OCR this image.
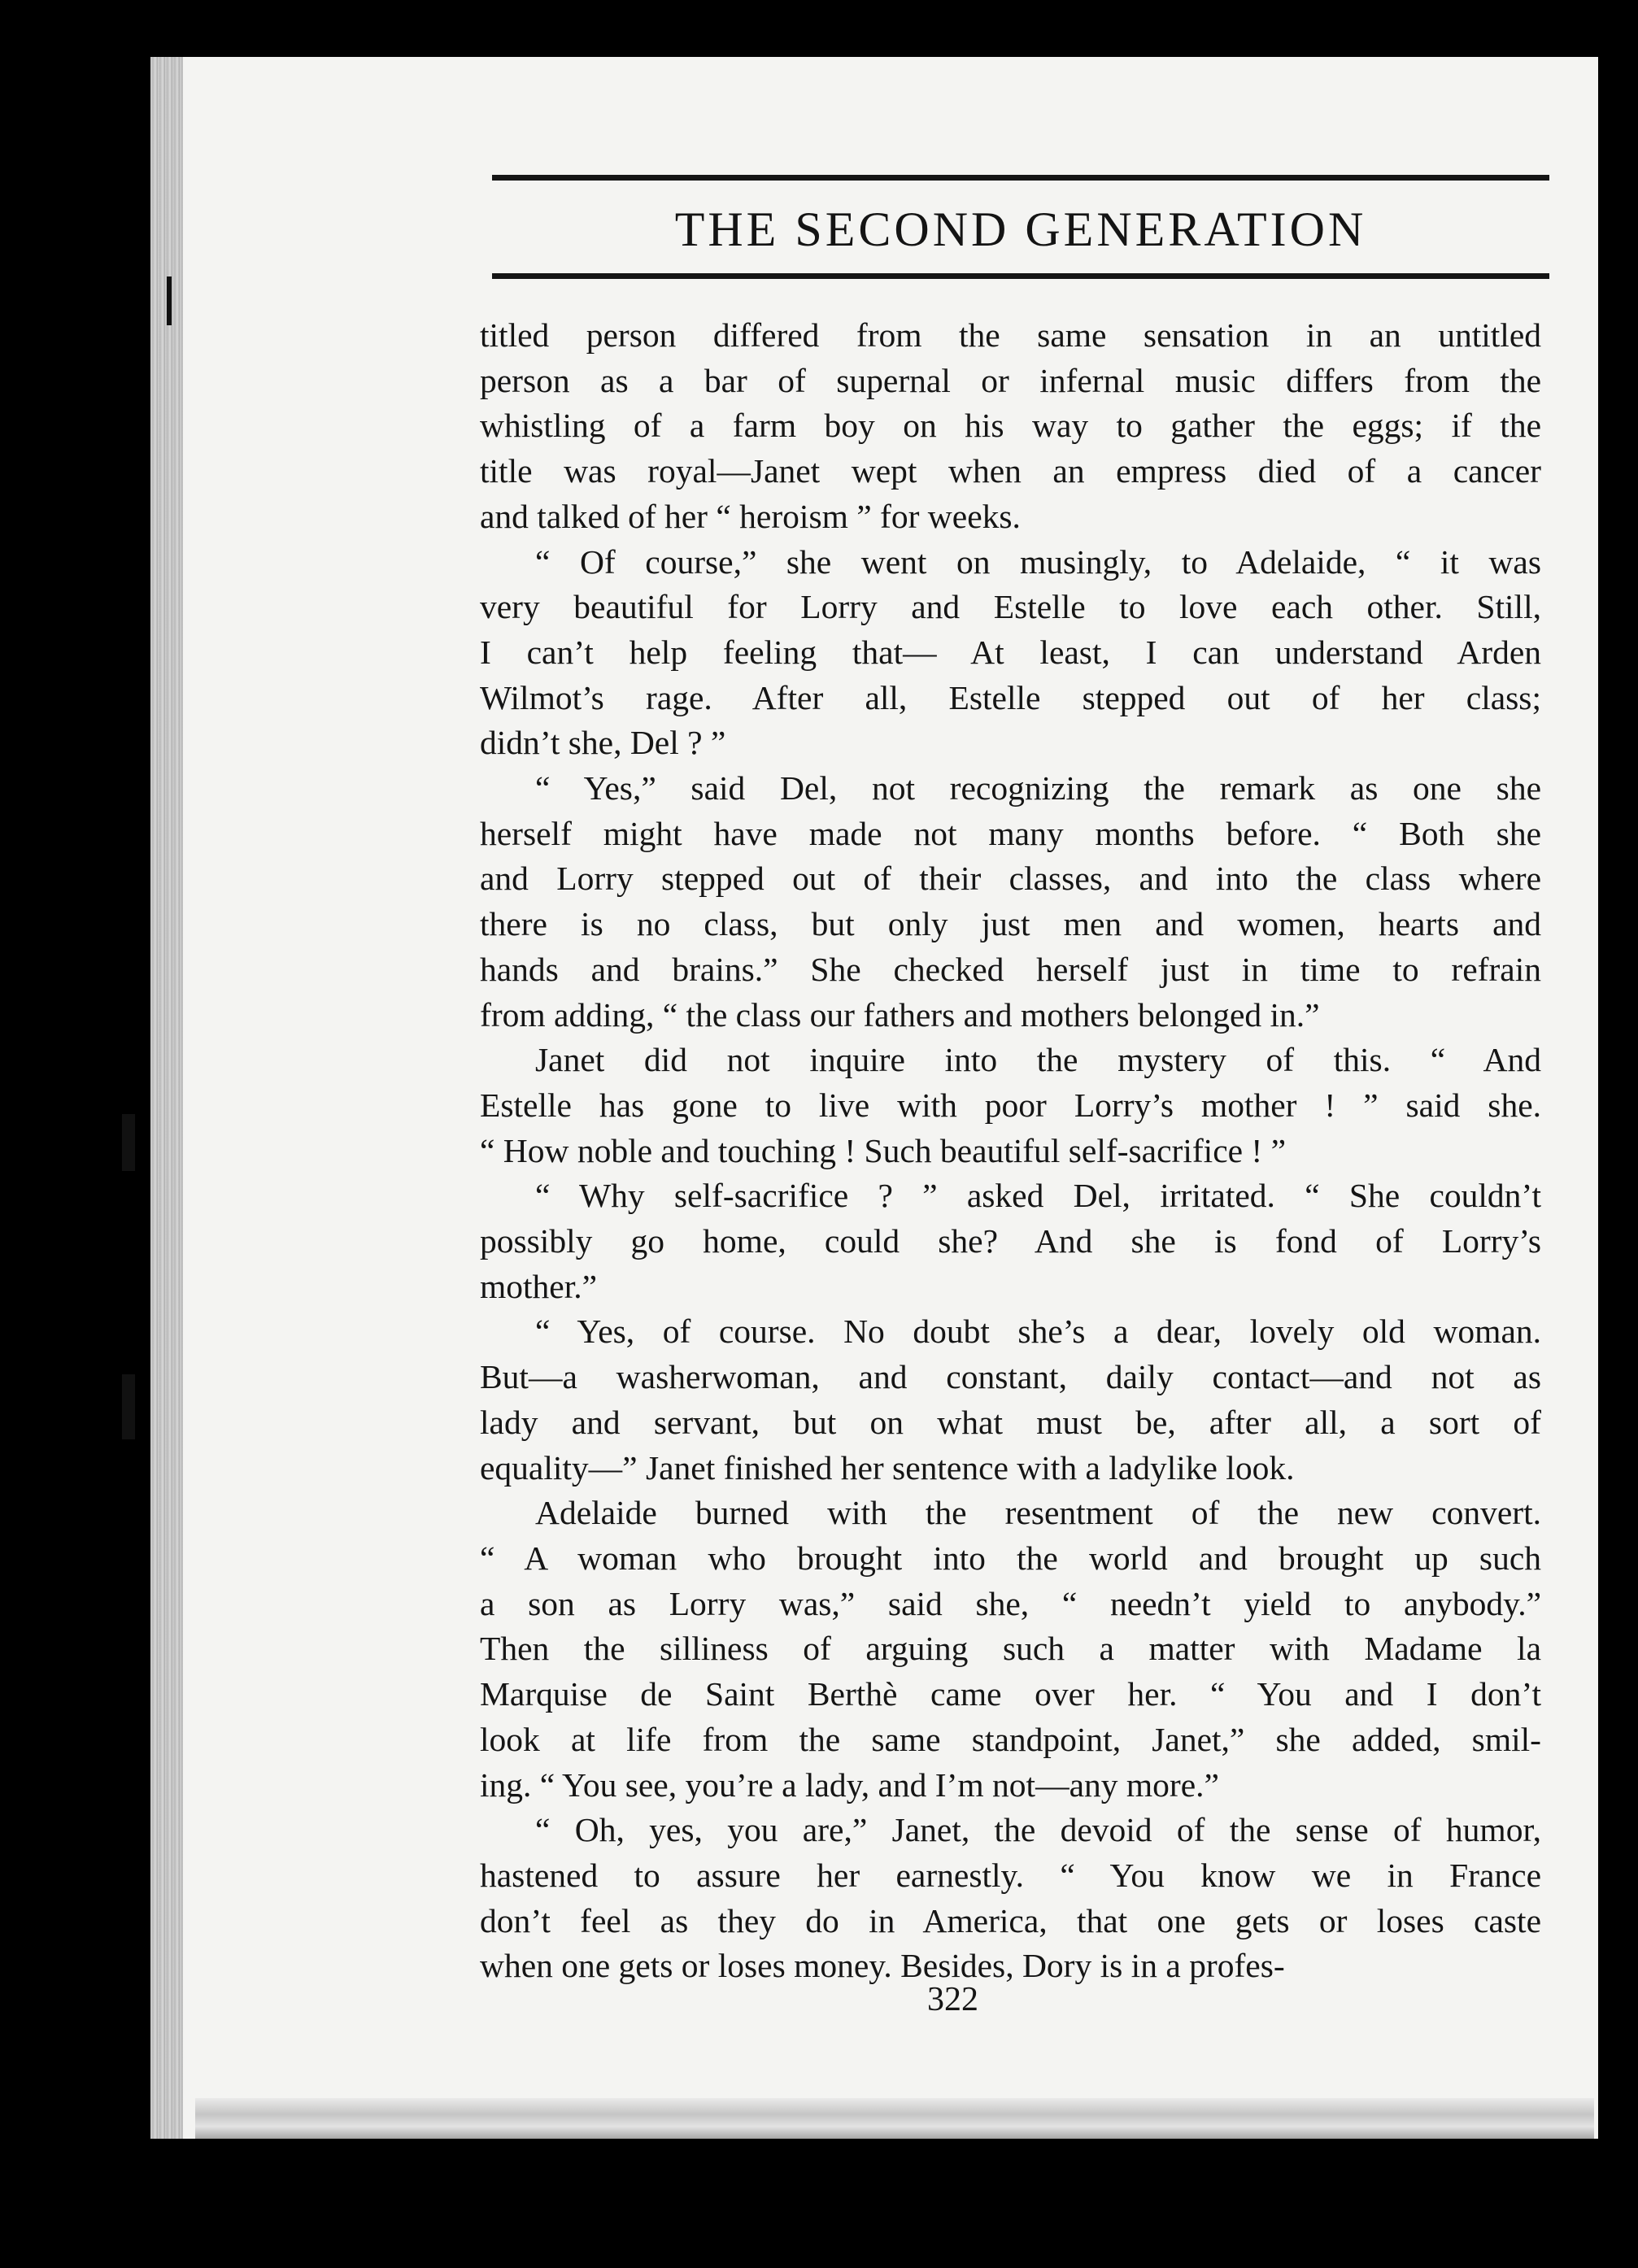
THE SECOND GENERATION
titled person differed from the same sensation in an untitled
person as a bar of supernal or infernal music differs from the
whistling of a farm boy on his way to gather the eggs; if the
title was royal—Janet wept when an empress died of a cancer
and talked of her “ heroism ” for weeks.
“ Of course,” she went on musingly, to Adelaide, “ it was
very beautiful for Lorry and Estelle to love each other. Still,
I can’t help feeling that— At least, I can understand Arden
Wilmot’s rage. After all, Estelle stepped out of her class;
didn’t she, Del ? ”
“ Yes,” said Del, not recognizing the remark as one she
herself might have made not many months before. “ Both she
and Lorry stepped out of their classes, and into the class where
there is no class, but only just men and women, hearts and
hands and brains.” She checked herself just in time to refrain
from adding, “ the class our fathers and mothers belonged in.”
Janet did not inquire into the mystery of this. “ And
Estelle has gone to live with poor Lorry’s mother ! ” said she.
“ How noble and touching ! Such beautiful self-sacrifice ! ”
“ Why self-sacrifice ? ” asked Del, irritated. “ She couldn’t
possibly go home, could she? And she is fond of Lorry’s
mother.”
“ Yes, of course. No doubt she’s a dear, lovely old woman.
But—a washerwoman, and constant, daily contact—and not as
lady and servant, but on what must be, after all, a sort of
equality—” Janet finished her sentence with a ladylike look.
Adelaide burned with the resentment of the new convert.
“ A woman who brought into the world and brought up such
a son as Lorry was,” said she, “ needn’t yield to anybody.”
Then the silliness of arguing such a matter with Madame la
Marquise de Saint Berthè came over her. “ You and I don’t
look at life from the same standpoint, Janet,” she added, smil-
ing. “ You see, you’re a lady, and I’m not—any more.”
“ Oh, yes, you are,” Janet, the devoid of the sense of humor,
hastened to assure her earnestly. “ You know we in France
don’t feel as they do in America, that one gets or loses caste
when one gets or loses money. Besides, Dory is in a profes-
322
